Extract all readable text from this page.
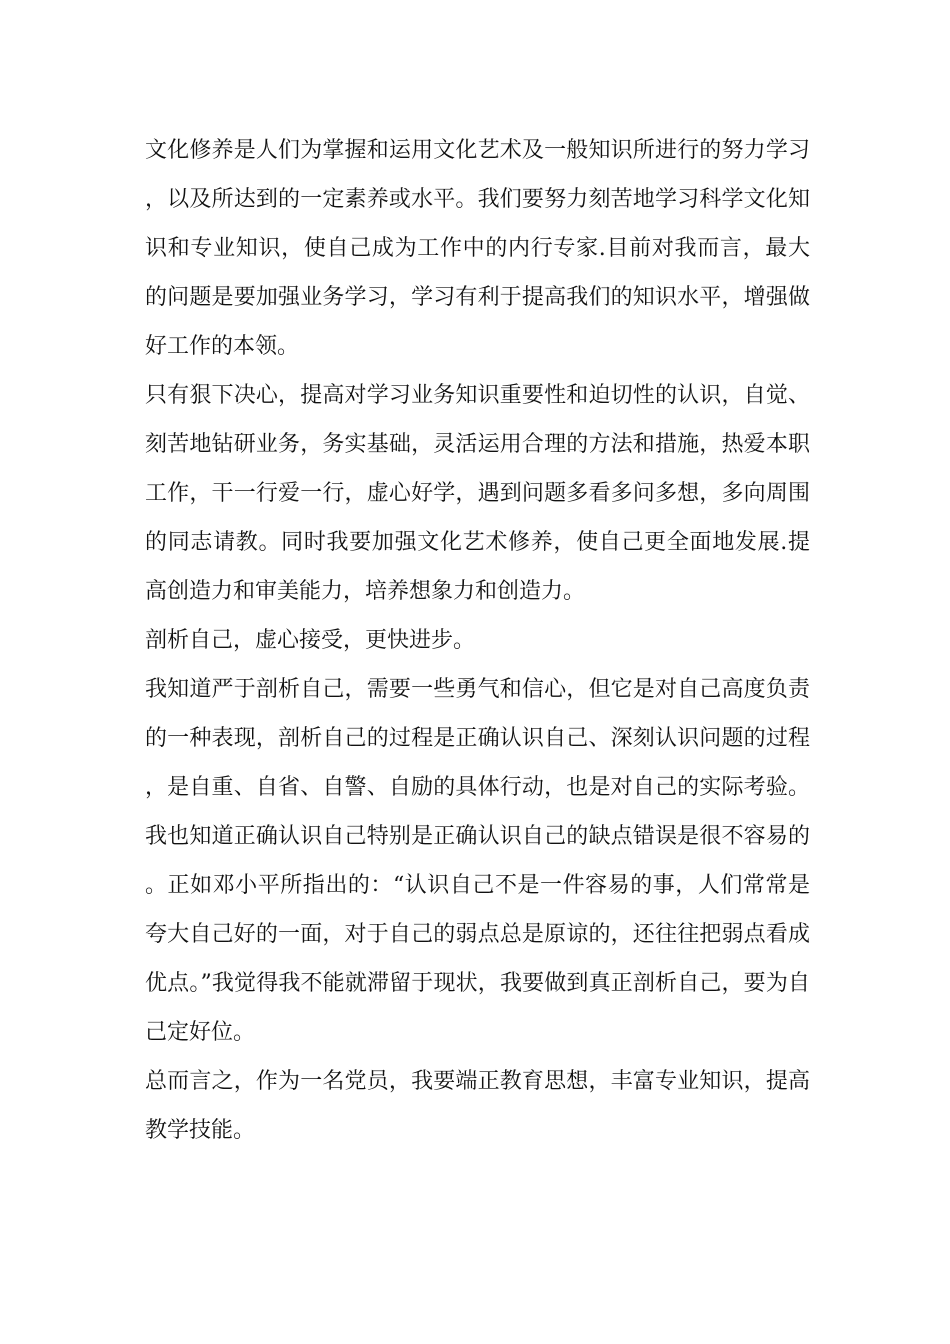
文化修养是人们为掌握和运用文化艺术及一般知识所进行的努力学习，以及所达到的一定素养或水平。我们要努力刻苦地学习科学文化知识和专业知识，使自己成为工作中的内行专家.目前对我而言，最大的问题是要加强业务学习，学习有利于提高我们的知识水平，增强做好工作的本领。

只有狠下决心，提高对学习业务知识重要性和迫切性的认识，自觉、刻苦地钻研业务，务实基础，灵活运用合理的方法和措施，热爱本职工作，干一行爱一行，虚心好学，遇到问题多看多问多想，多向周围的同志请教。同时我要加强文化艺术修养，使自己更全面地发展.提高创造力和审美能力，培养想象力和创造力。

剖析自己，虚心接受，更快进步。

我知道严于剖析自己，需要一些勇气和信心，但它是对自己高度负责的一种表现，剖析自己的过程是正确认识自己、深刻认识问题的过程，是自重、自省、自警、自励的具体行动，也是对自己的实际考验。我也知道正确认识自己特别是正确认识自己的缺点错误是很不容易的。正如邓小平所指出的：“认识自己不是一件容易的事，人们常常是夸大自己好的一面，对于自己的弱点总是原谅的，还往往把弱点看成优点。”我觉得我不能就滞留于现状，我要做到真正剖析自己，要为自己定好位。

总而言之，作为一名党员，我要端正教育思想，丰富专业知识，提高教学技能。
